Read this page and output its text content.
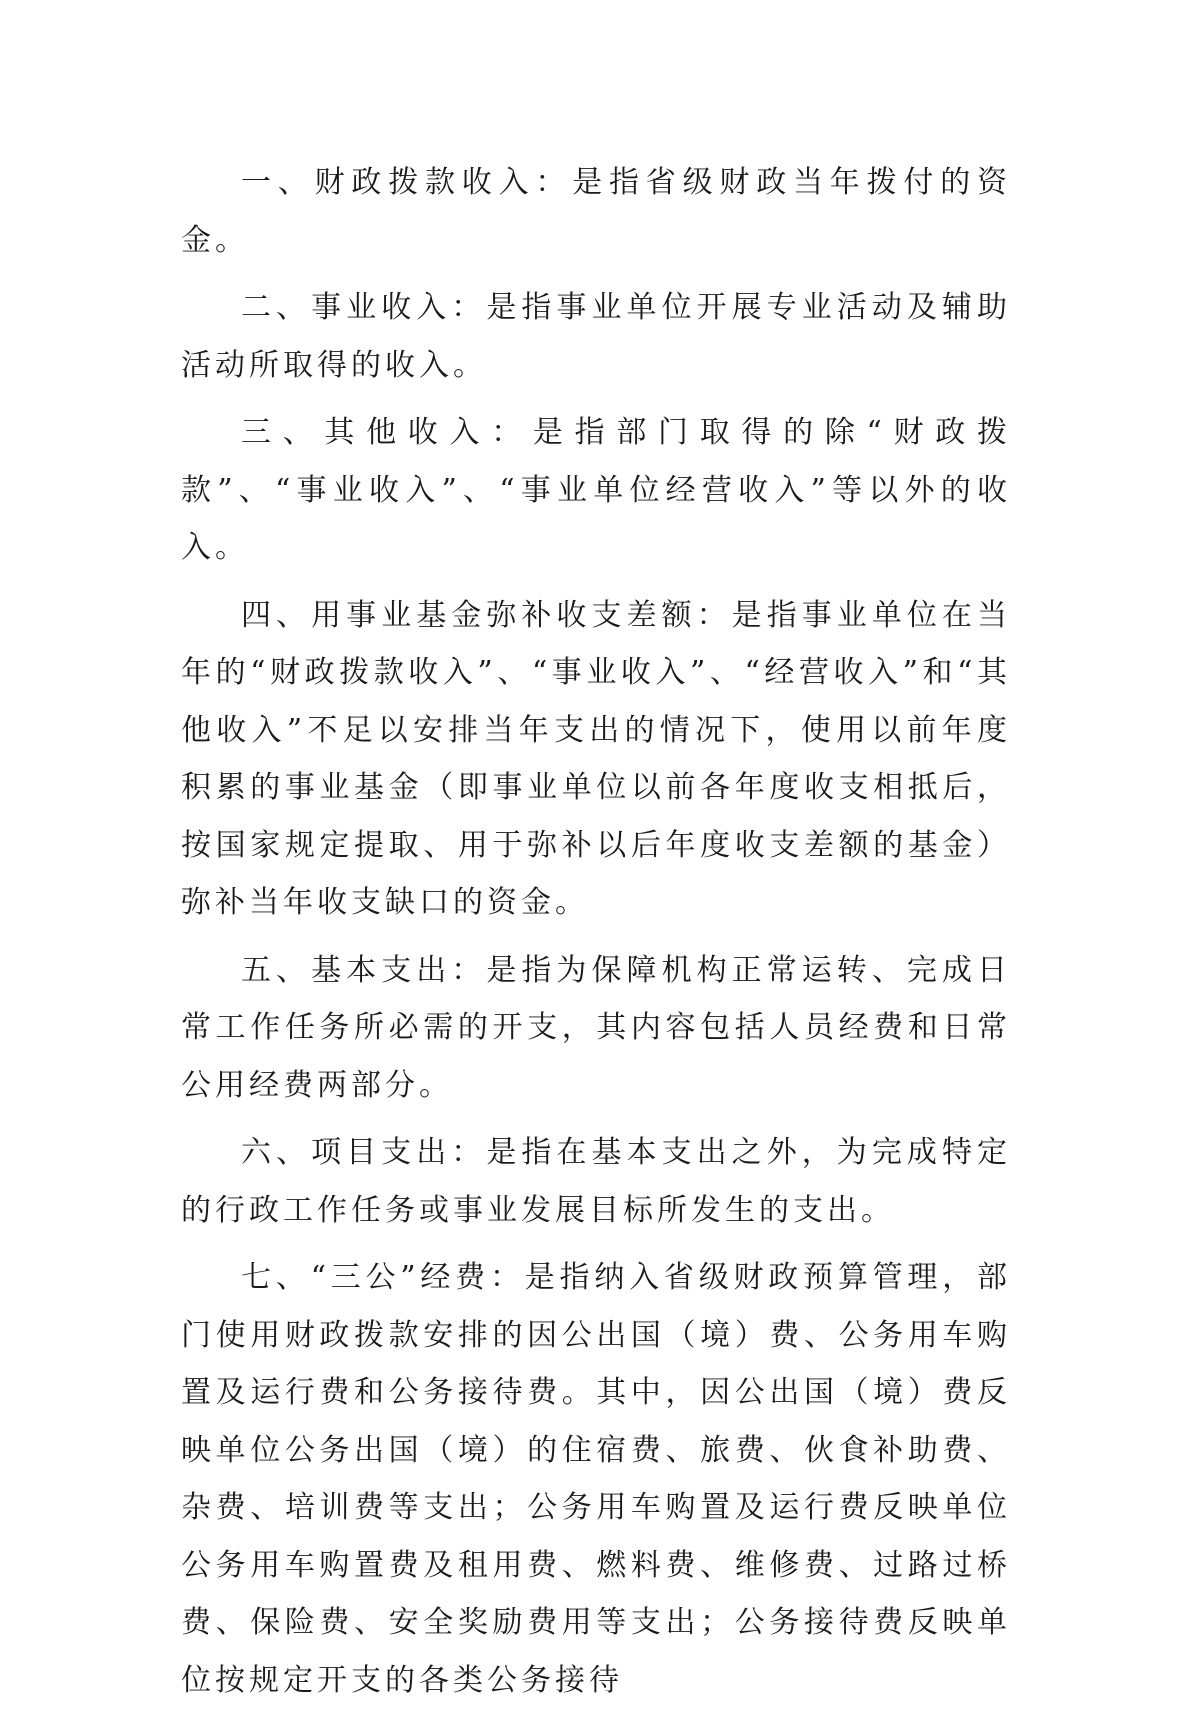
一、财政拨款收入：是指省级财政当年拨付的资金。

二、事业收入：是指事业单位开展专业活动及辅助活动所取得的收入。

三、其他收入：是指部门取得的除“财政拨款”、“事业收入”、“事业单位经营收入”等以外的收入。

四、用事业基金弥补收支差额：是指事业单位在当年的“财政拨款收入”、“事业收入”、“经营收入”和“其他收入”不足以安排当年支出的情况下，使用以前年度积累的事业基金（即事业单位以前各年度收支相抵后，按国家规定提取、用于弥补以后年度收支差额的基金）弥补当年收支缺口的资金。

五、基本支出：是指为保障机构正常运转、完成日常工作任务所必需的开支，其内容包括人员经费和日常公用经费两部分。

六、项目支出：是指在基本支出之外，为完成特定的行政工作任务或事业发展目标所发生的支出。

七、“三公”经费：是指纳入省级财政预算管理，部门使用财政拨款安排的因公出国（境）费、公务用车购置及运行费和公务接待费。其中，因公出国（境）费反映单位公务出国（境）的住宿费、旅费、伙食补助费、杂费、培训费等支出；公务用车购置及运行费反映单位公务用车购置费及租用费、燃料费、维修费、过路过桥费、保险费、安全奖励费用等支出；公务接待费反映单位按规定开支的各类公务接待
